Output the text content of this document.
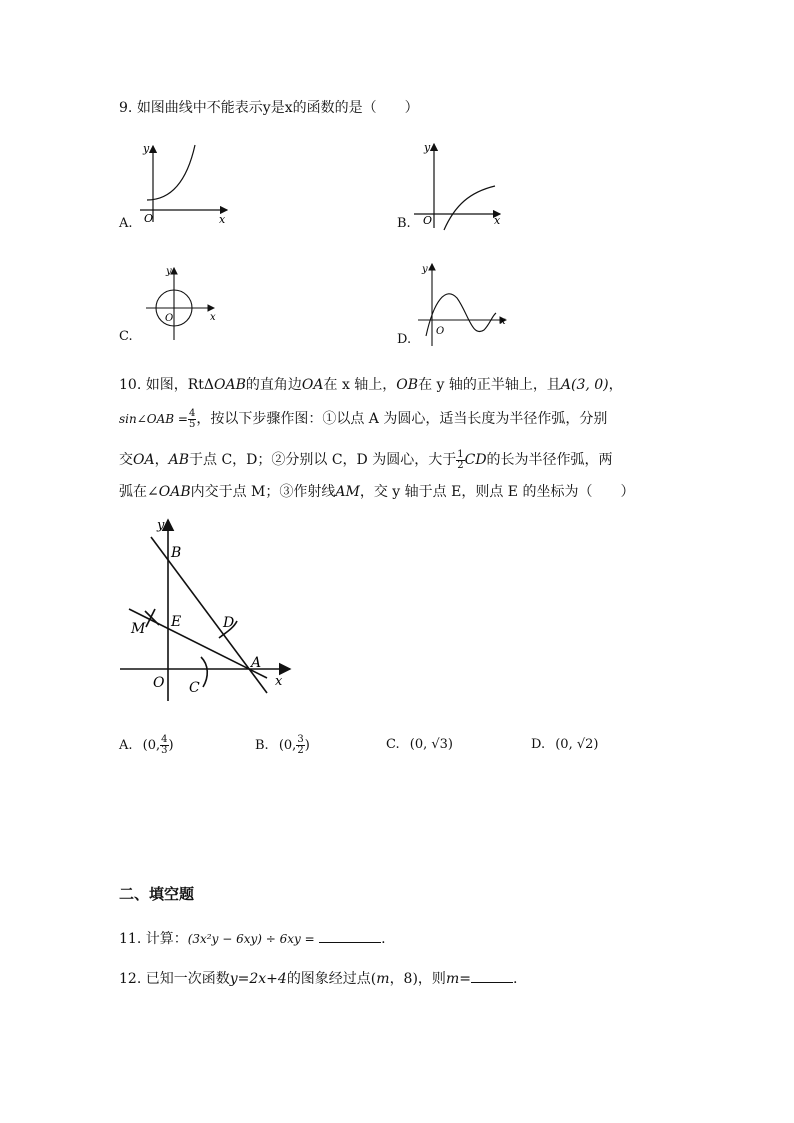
9. 如图曲线中不能表示y是x的函数的是（　　）
y
x
O
A.
y
x
O
B.
y
x
O
C.
y
x
O
D.
10. 如图，RtΔOAB的直角边OA在 x 轴上，OB在 y 轴的正半轴上，且A(3, 0)，
sin∠OAB = $\frac{4}{5}$ ，按以下步骤作图：①以点 A 为圆心，适当长度为半径作弧，分别
交OA，AB于点 C，D；②分别以 C，D 为圆心，大于 $\frac{1}{2}$ CD的长为半径作弧，两
弧在∠OAB内交于点 M；③作射线AM，交 y 轴于点 E，则点 E 的坐标为（　　）
y
x
B
E
M	D
A
O C
A. (0, $\frac{4}{3}$ )	B. (0, $\frac{3}{2}$ )	C. (0, √3)	D. (0, √2)
二、填空题
11. 计算：(3x²y − 6xy) ÷ 6xy =	.
12. 已知一次函数y=2x+4的图象经过点(m，8)，则m=	.
